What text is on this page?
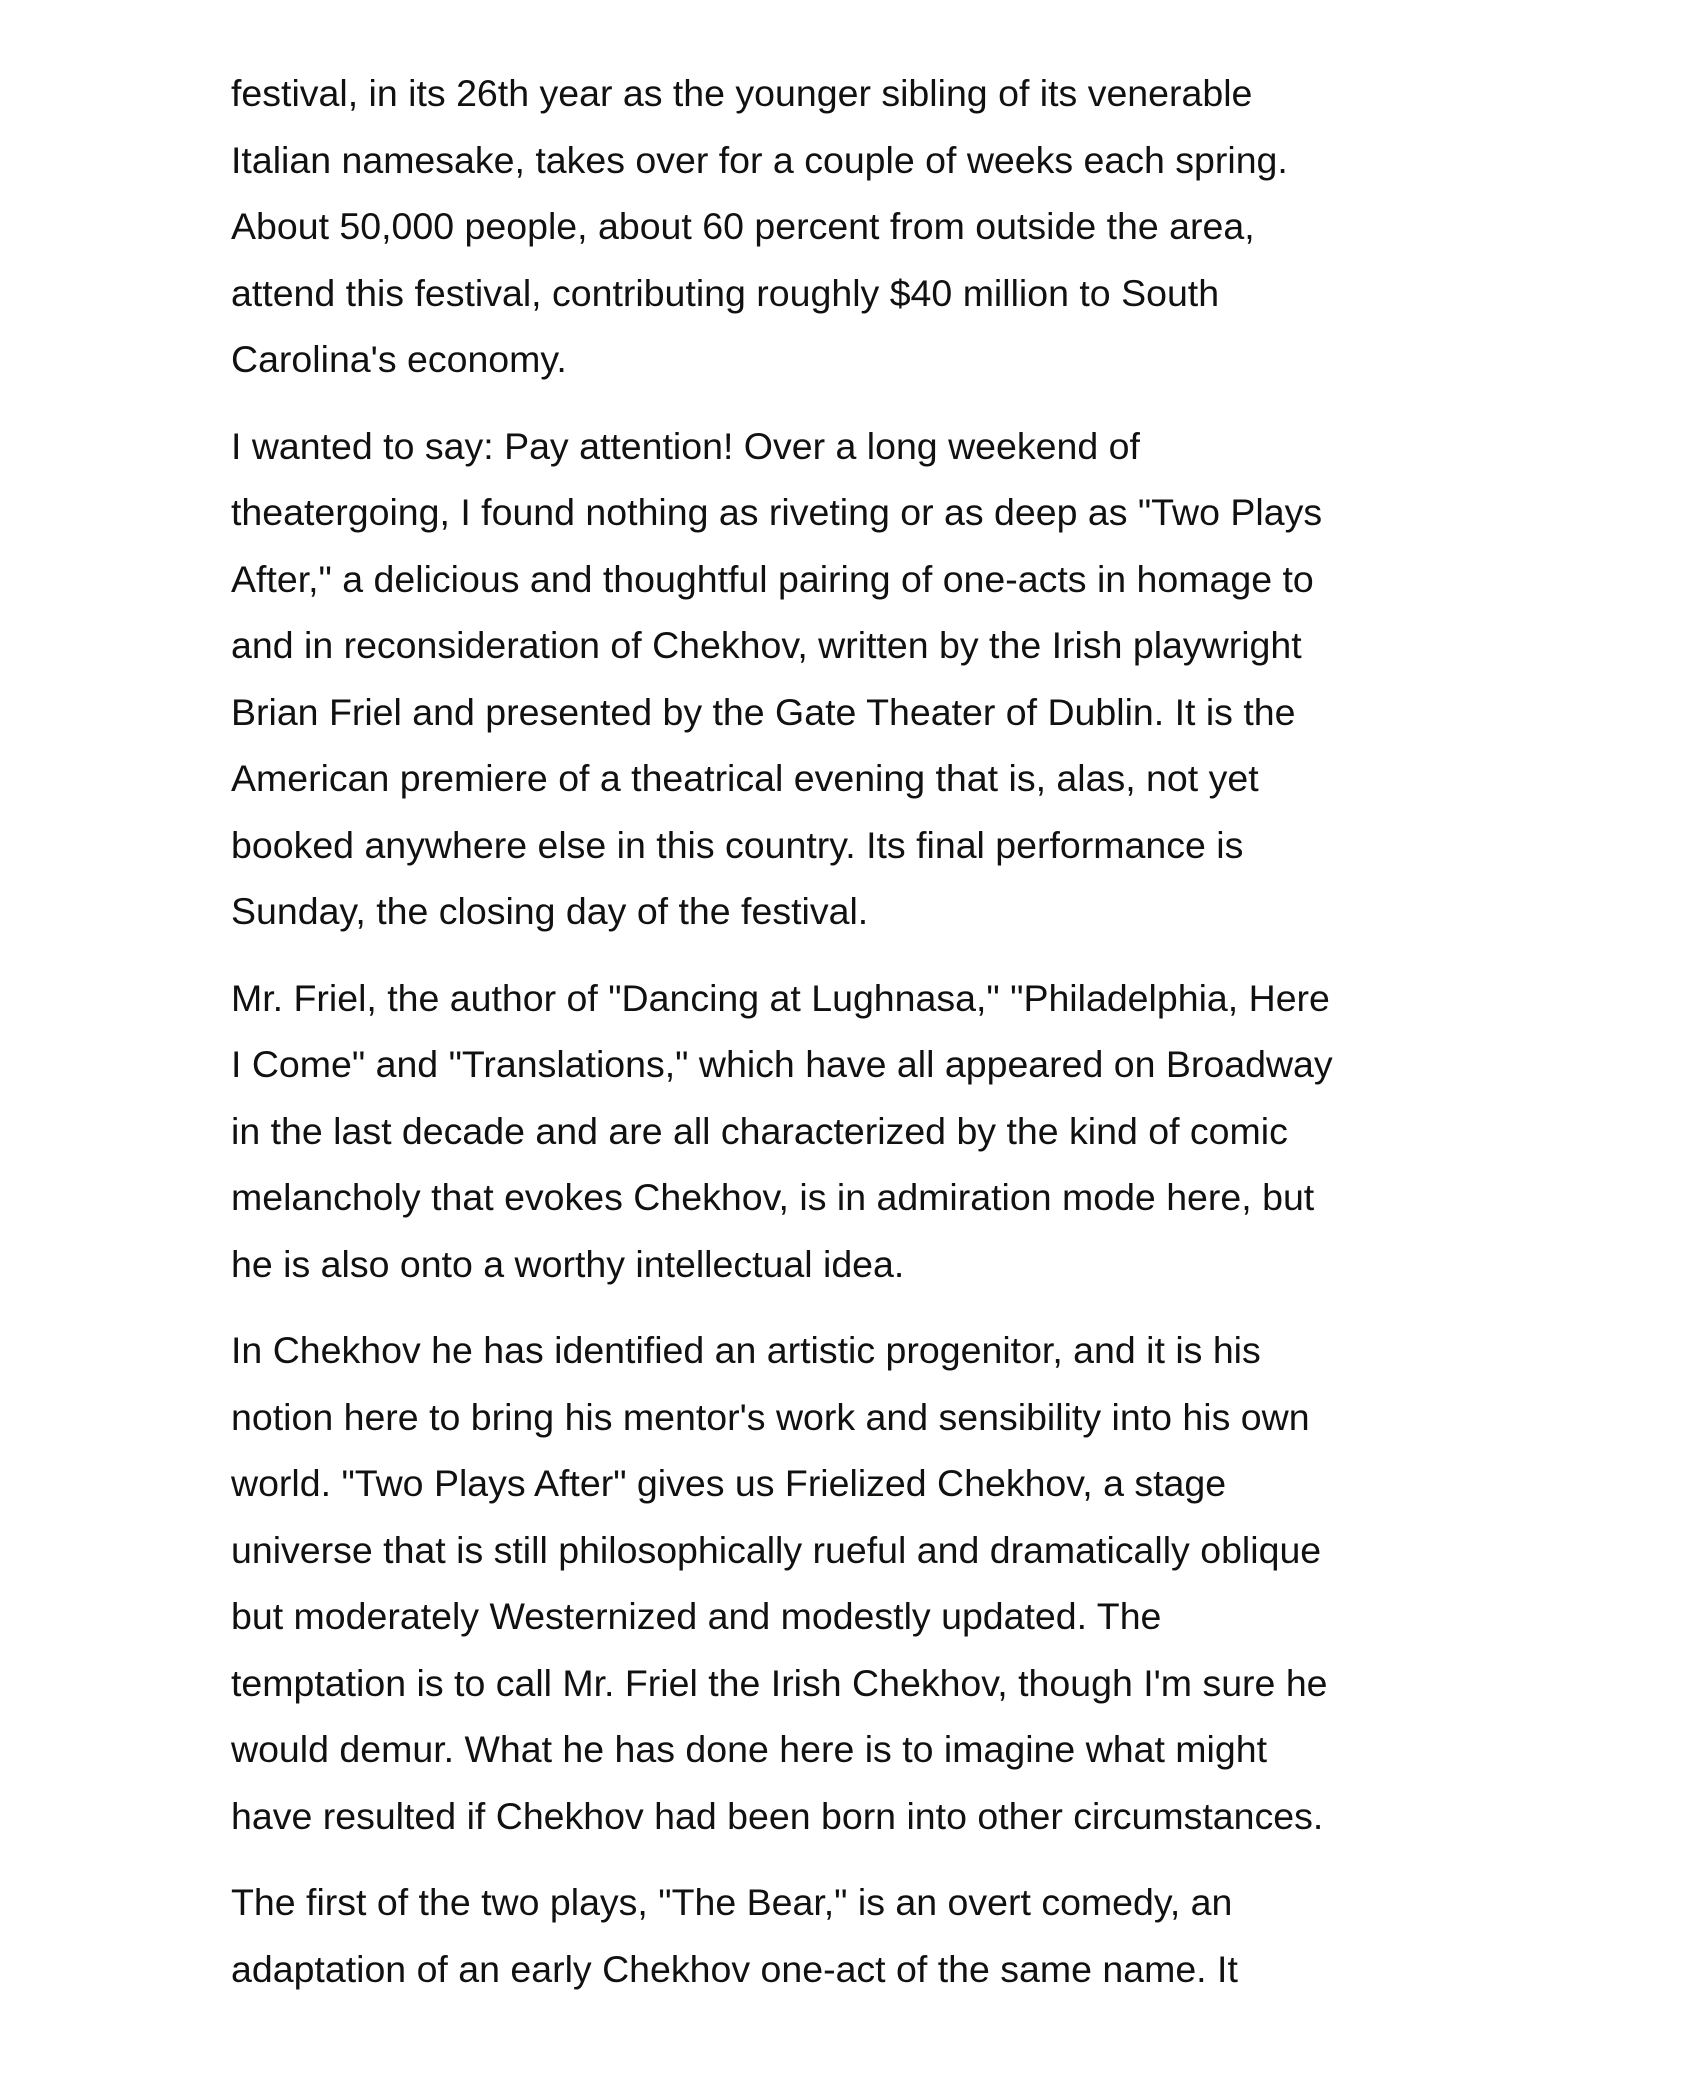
festival, in its 26th year as the younger sibling of its venerable
Italian namesake, takes over for a couple of weeks each spring.
About 50,000 people, about 60 percent from outside the area,
attend this festival, contributing roughly $40 million to South
Carolina's economy.

I wanted to say: Pay attention! Over a long weekend of
theatergoing, I found nothing as riveting or as deep as "Two Plays
After," a delicious and thoughtful pairing of one-acts in homage to
and in reconsideration of Chekhov, written by the Irish playwright
Brian Friel and presented by the Gate Theater of Dublin. It is the
American premiere of a theatrical evening that is, alas, not yet
booked anywhere else in this country. Its final performance is
Sunday, the closing day of the festival.

Mr. Friel, the author of "Dancing at Lughnasa," "Philadelphia, Here
I Come" and "Translations," which have all appeared on Broadway
in the last decade and are all characterized by the kind of comic
melancholy that evokes Chekhov, is in admiration mode here, but
he is also onto a worthy intellectual idea.

In Chekhov he has identified an artistic progenitor, and it is his
notion here to bring his mentor's work and sensibility into his own
world. "Two Plays After" gives us Frielized Chekhov, a stage
universe that is still philosophically rueful and dramatically oblique
but moderately Westernized and modestly updated. The
temptation is to call Mr. Friel the Irish Chekhov, though I'm sure he
would demur. What he has done here is to imagine what might
have resulted if Chekhov had been born into other circumstances.

The first of the two plays, "The Bear," is an overt comedy, an
adaptation of an early Chekhov one-act of the same name. It
